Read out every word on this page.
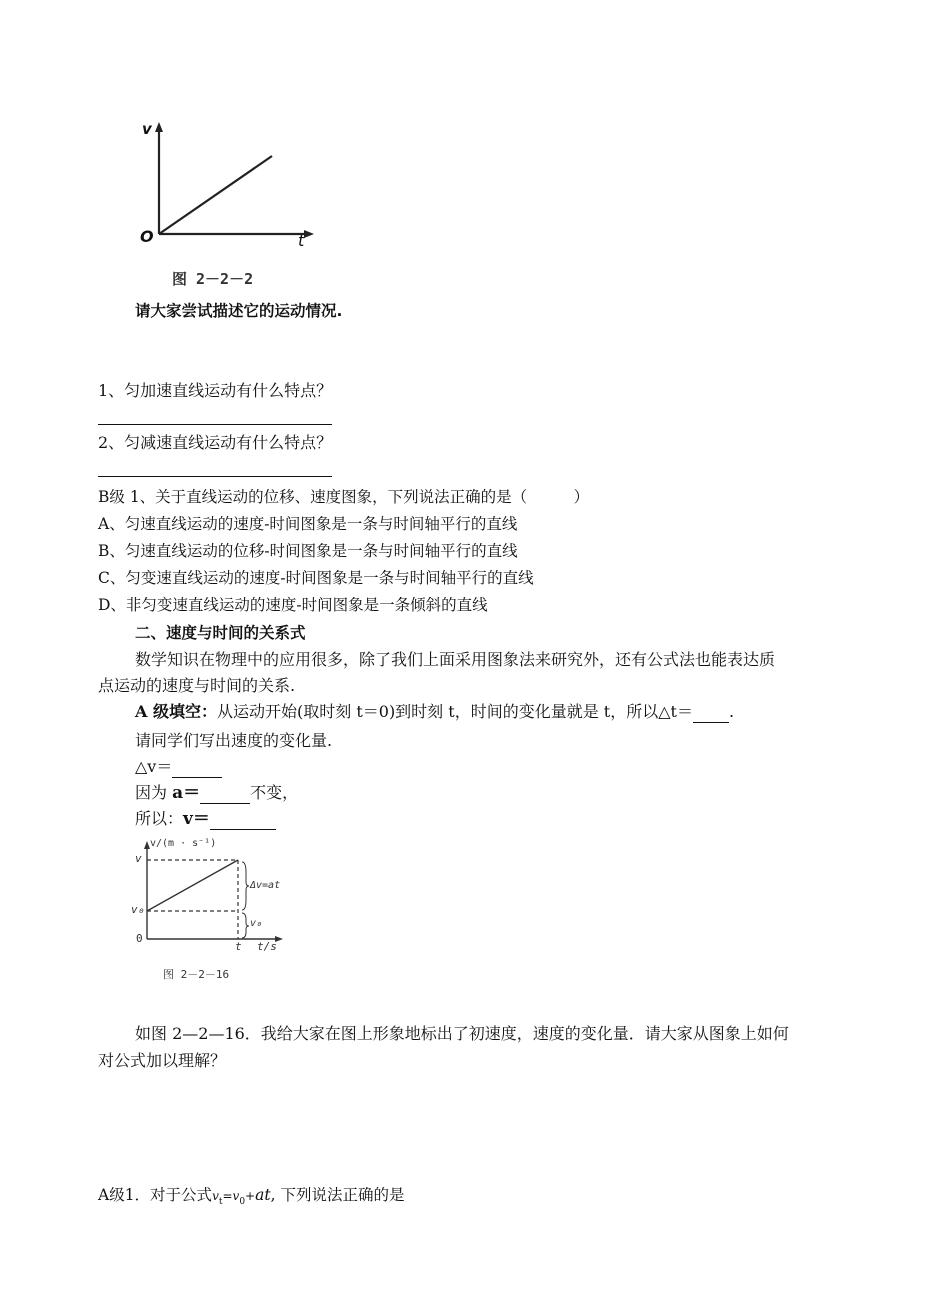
v
O	t
图 2－2－2
请大家尝试描述它的运动情况.
1、匀加速直线运动有什么特点？
2、匀减速直线运动有什么特点？
B级 1、关于直线运动的位移、速度图象，下列说法正确的是（　　　）
A、匀速直线运动的速度-时间图象是一条与时间轴平行的直线
B、匀速直线运动的位移-时间图象是一条与时间轴平行的直线
C、匀变速直线运动的速度-时间图象是一条与时间轴平行的直线
D、非匀变速直线运动的速度-时间图象是一条倾斜的直线
二、速度与时间的关系式
数学知识在物理中的应用很多，除了我们上面采用图象法来研究外，还有公式法也能表达质
点运动的速度与时间的关系.
A 级填空：从运动开始(取时刻 t＝0)到时刻 t，时间的变化量就是 t，所以△t＝ .
请同学们写出速度的变化量.
△v＝
因为 a＝	不变，
所以：v＝
v/(m · s⁻¹)
v
v₀
0
Δv=at
v₀
t t/s
图 2－2－16
如图 2—2—16．我给大家在图上形象地标出了初速度，速度的变化量．请大家从图象上如何
对公式加以理解？
A级1．对于公式$v_t=v_0+at$, 下列说法正确的是
